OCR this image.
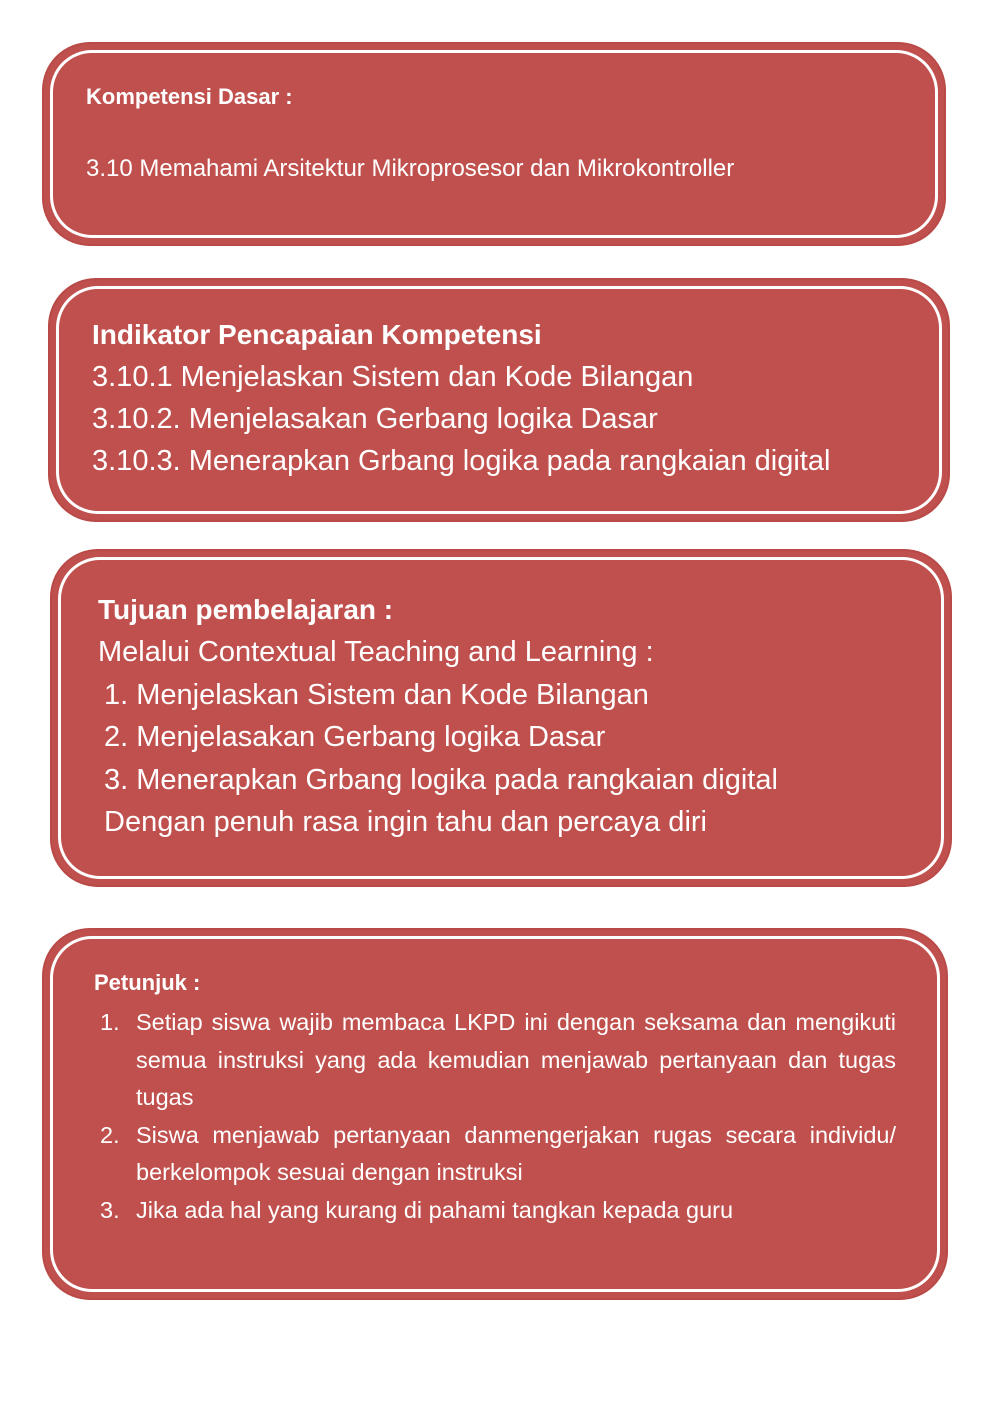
Kompetensi Dasar :

3.10 Memahami Arsitektur Mikroprosesor dan Mikrokontroller

Indikator Pencapaian Kompetensi

3.10.1 Menjelaskan Sistem dan Kode Bilangan

3.10.2. Menjelasakan Gerbang logika Dasar

3.10.3. Menerapkan Grbang logika pada rangkaian digital

Tujuan pembelajaran :

Melalui Contextual Teaching and Learning :

1. Menjelaskan Sistem dan Kode Bilangan

2. Menjelasakan Gerbang logika Dasar

3. Menerapkan Grbang logika pada rangkaian digital

Dengan penuh rasa ingin tahu dan percaya diri

Petunjuk :

1. Setiap siswa wajib membaca LKPD ini dengan seksama dan mengikuti semua instruksi yang ada kemudian menjawab pertanyaan dan tugas tugas
2. Siswa menjawab pertanyaan danmengerjakan rugas secara individu/ berkelompok sesuai dengan instruksi
3. Jika ada hal yang kurang di pahami tangkan kepada guru
